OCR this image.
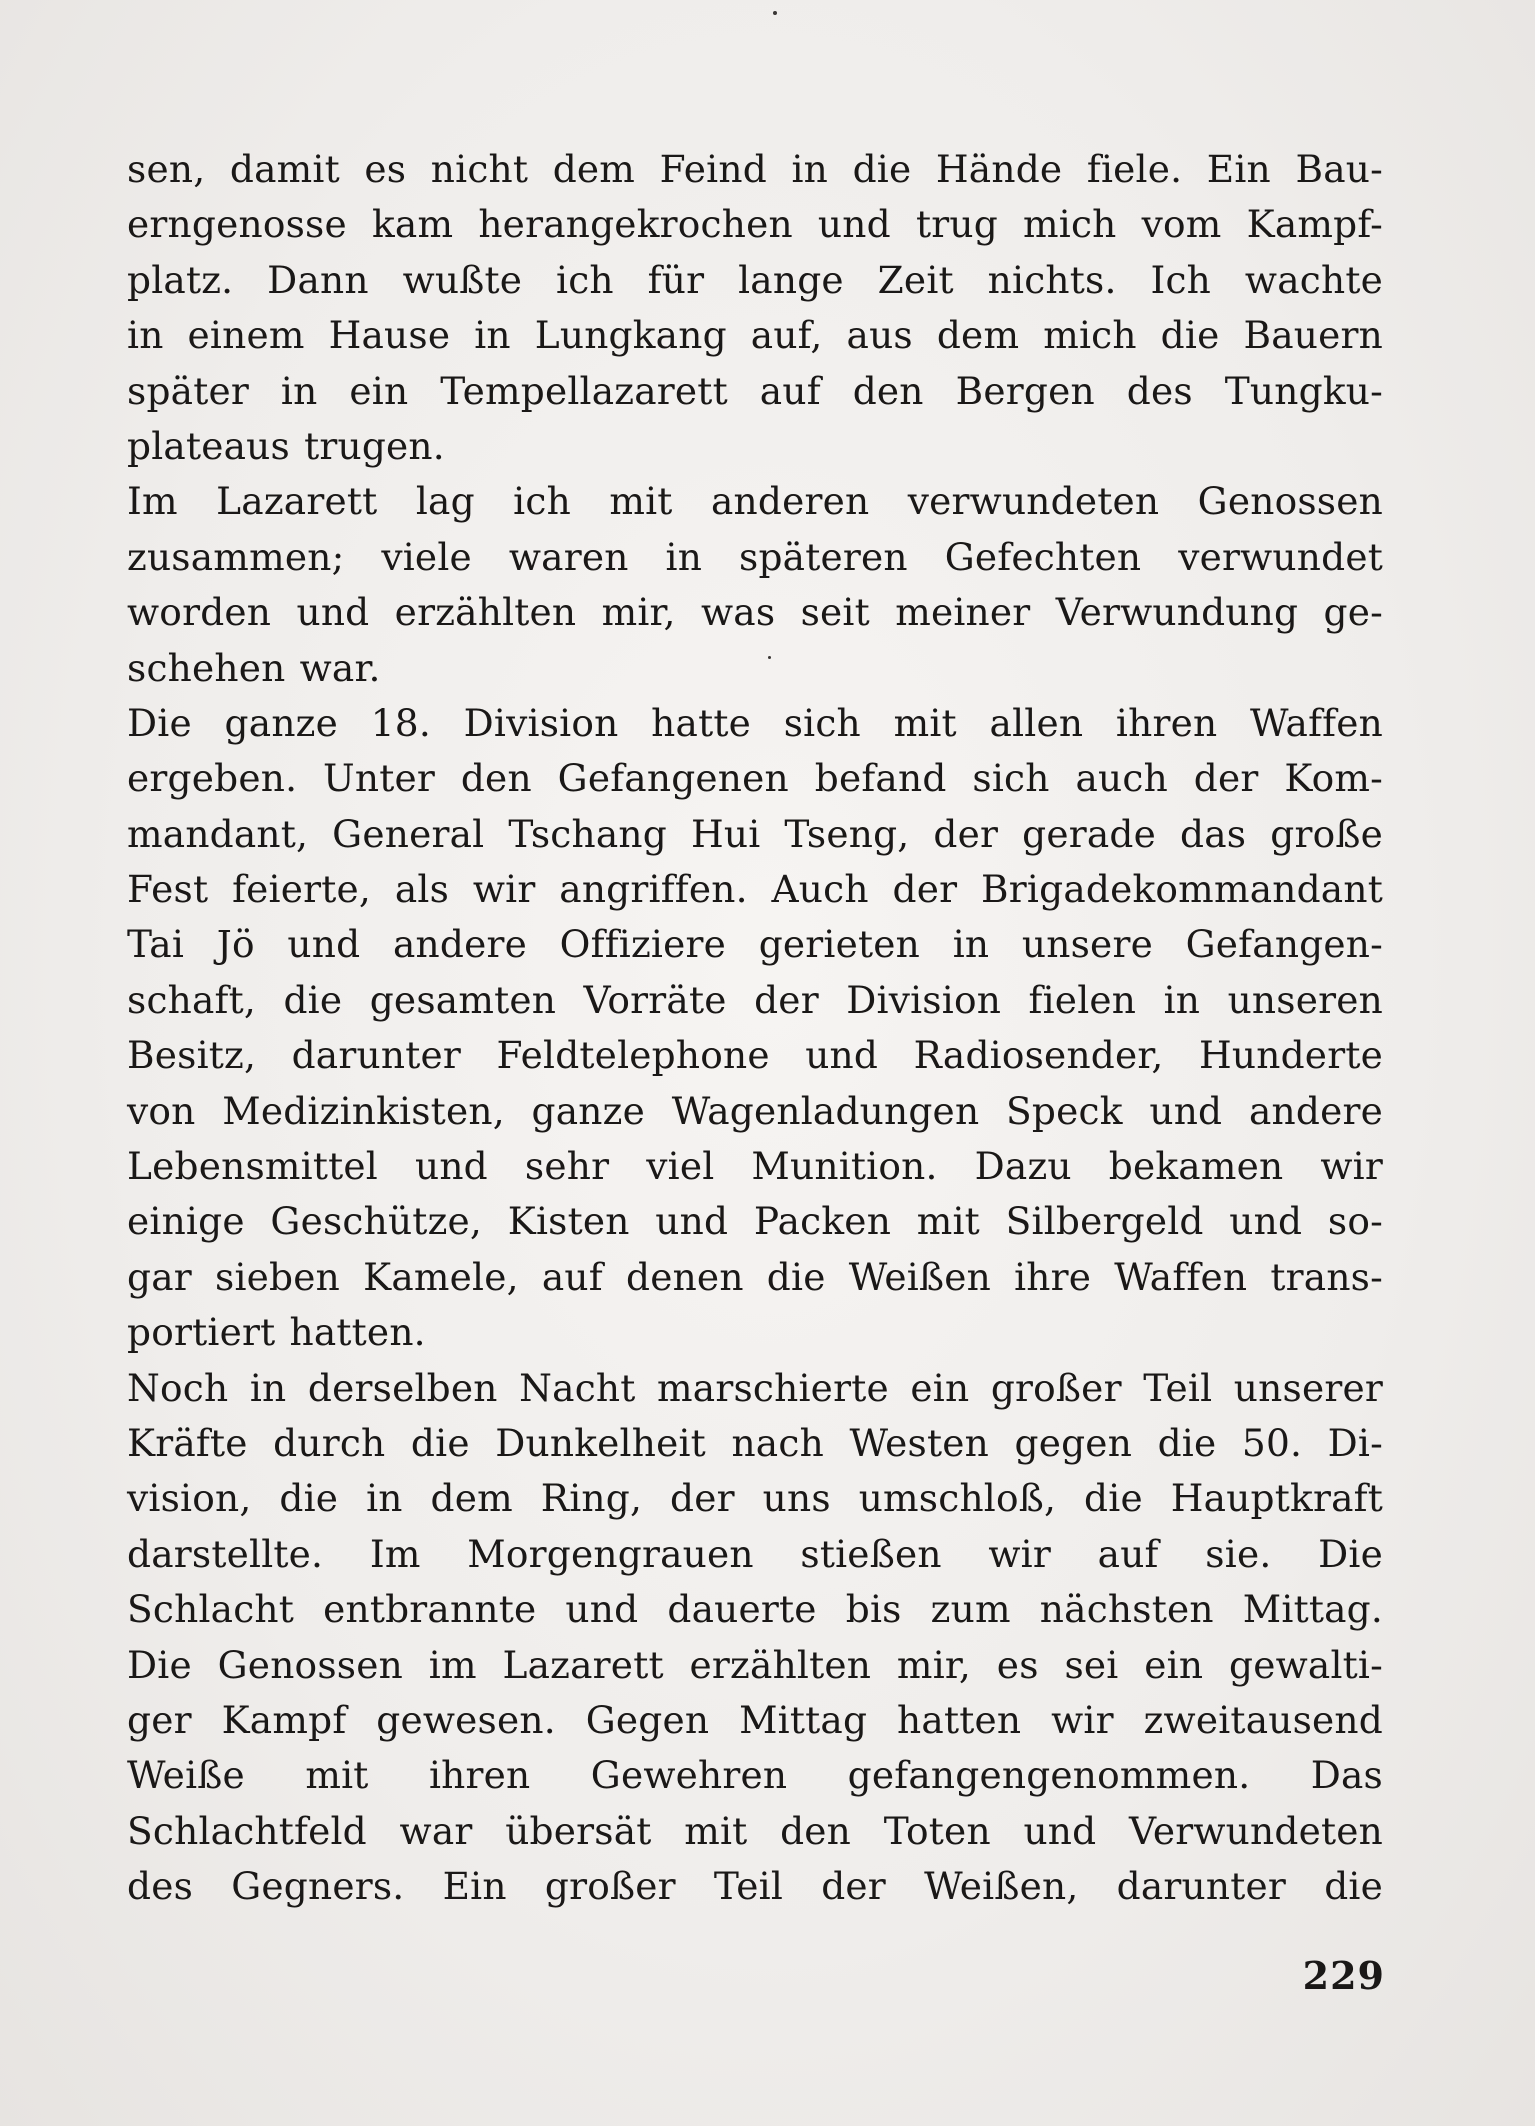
sen, damit es nicht dem Feind in die Hände fiele. Ein Bau-
erngenosse kam herangekrochen und trug mich vom Kampf-
platz. Dann wußte ich für lange Zeit nichts. Ich wachte
in einem Hause in Lungkang auf, aus dem mich die Bauern
später in ein Tempellazarett auf den Bergen des Tungku-
plateaus trugen.
Im Lazarett lag ich mit anderen verwundeten Genossen
zusammen; viele waren in späteren Gefechten verwundet
worden und erzählten mir, was seit meiner Verwundung ge-
schehen war.
Die ganze 18. Division hatte sich mit allen ihren Waffen
ergeben. Unter den Gefangenen befand sich auch der Kom-
mandant, General Tschang Hui Tseng, der gerade das große
Fest feierte, als wir angriffen. Auch der Brigadekommandant
Tai Jö und andere Offiziere gerieten in unsere Gefangen-
schaft, die gesamten Vorräte der Division fielen in unseren
Besitz, darunter Feldtelephone und Radiosender, Hunderte
von Medizinkisten, ganze Wagenladungen Speck und andere
Lebensmittel und sehr viel Munition. Dazu bekamen wir
einige Geschütze, Kisten und Packen mit Silbergeld und so-
gar sieben Kamele, auf denen die Weißen ihre Waffen trans-
portiert hatten.
Noch in derselben Nacht marschierte ein großer Teil unserer
Kräfte durch die Dunkelheit nach Westen gegen die 50. Di-
vision, die in dem Ring, der uns umschloß, die Hauptkraft
darstellte. Im Morgengrauen stießen wir auf sie. Die
Schlacht entbrannte und dauerte bis zum nächsten Mittag.
Die Genossen im Lazarett erzählten mir, es sei ein gewalti-
ger Kampf gewesen. Gegen Mittag hatten wir zweitausend
Weiße mit ihren Gewehren gefangengenommen. Das
Schlachtfeld war übersät mit den Toten und Verwundeten
des Gegners. Ein großer Teil der Weißen, darunter die
229
